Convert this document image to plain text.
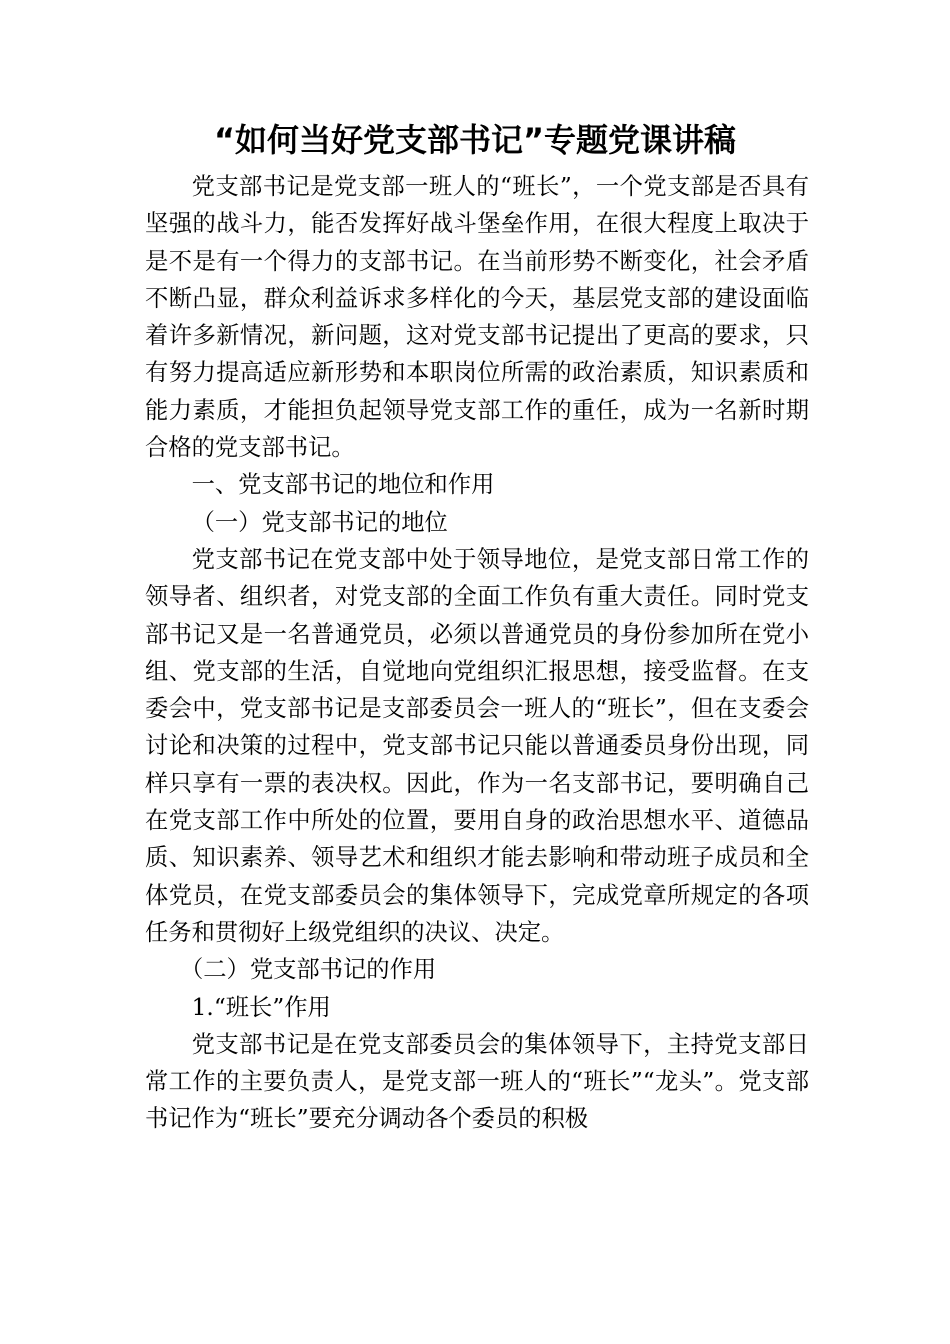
“如何当好党支部书记”专题党课讲稿

党支部书记是党支部一班人的“班长”，一个党支部是否具有坚强的战斗力，能否发挥好战斗堡垒作用，在很大程度上取决于是不是有一个得力的支部书记。在当前形势不断变化，社会矛盾不断凸显，群众利益诉求多样化的今天，基层党支部的建设面临着许多新情况，新问题，这对党支部书记提出了更高的要求，只有努力提高适应新形势和本职岗位所需的政治素质，知识素质和能力素质，才能担负起领导党支部工作的重任，成为一名新时期合格的党支部书记。

一、党支部书记的地位和作用

（一）党支部书记的地位

党支部书记在党支部中处于领导地位，是党支部日常工作的领导者、组织者，对党支部的全面工作负有重大责任。同时党支部书记又是一名普通党员，必须以普通党员的身份参加所在党小组、党支部的生活，自觉地向党组织汇报思想，接受监督。在支委会中，党支部书记是支部委员会一班人的“班长”，但在支委会讨论和决策的过程中，党支部书记只能以普通委员身份出现，同样只享有一票的表决权。因此，作为一名支部书记，要明确自己在党支部工作中所处的位置，要用自身的政治思想水平、道德品质、知识素养、领导艺术和组织才能去影响和带动班子成员和全体党员，在党支部委员会的集体领导下，完成党章所规定的各项任务和贯彻好上级党组织的决议、决定。

（二）党支部书记的作用

1.“班长”作用

党支部书记是在党支部委员会的集体领导下，主持党支部日常工作的主要负责人，是党支部一班人的“班长”“龙头”。党支部书记作为“班长”要充分调动各个委员的积极
